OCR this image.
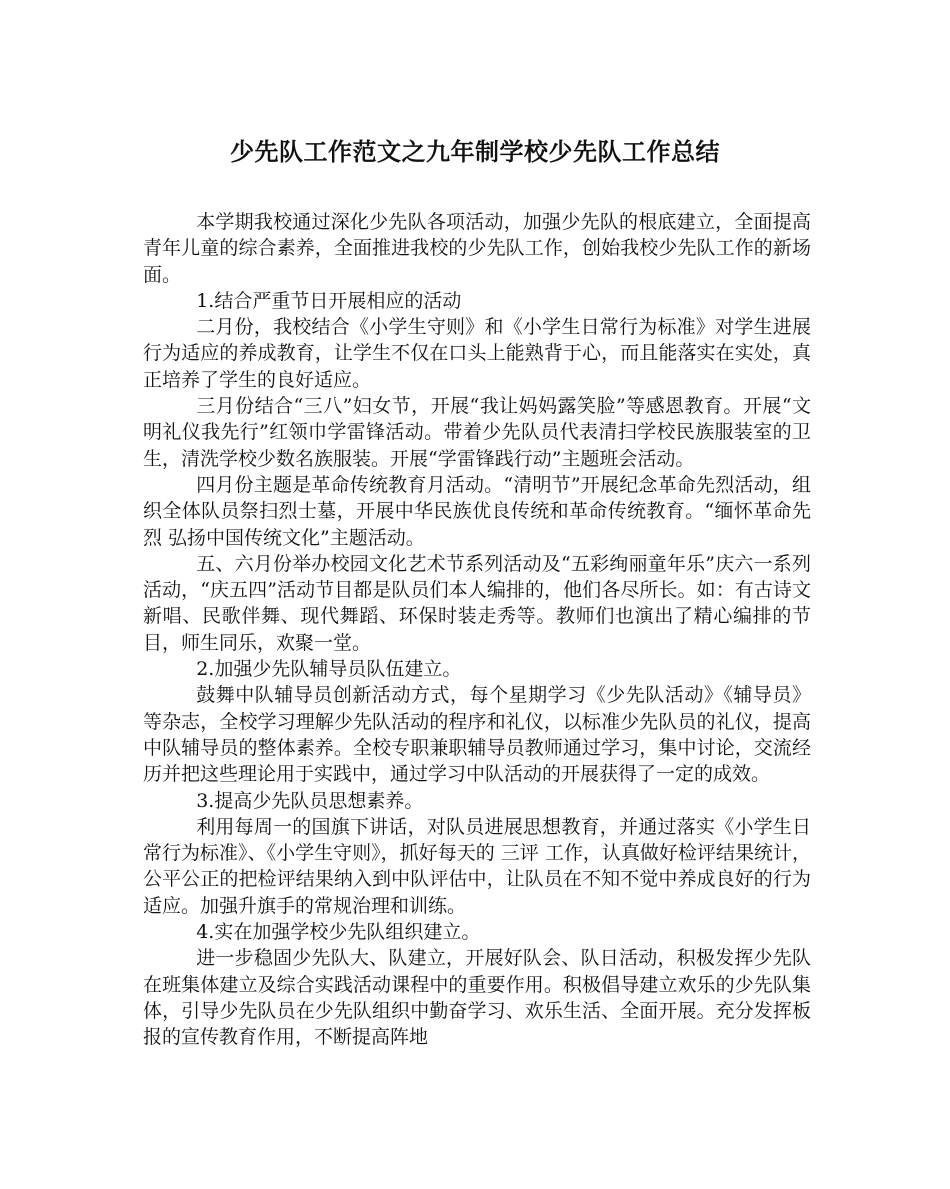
少先队工作范文之九年制学校少先队工作总结

本学期我校通过深化少先队各项活动，加强少先队的根底建立，全面提高青年儿童的综合素养，全面推进我校的少先队工作，创始我校少先队工作的新场面。

1.结合严重节日开展相应的活动

二月份，我校结合《小学生守则》和《小学生日常行为标准》对学生进展行为适应的养成教育，让学生不仅在口头上能熟背于心，而且能落实在实处，真正培养了学生的良好适应。

三月份结合“三八”妇女节，开展“我让妈妈露笑脸”等感恩教育。开展“文明礼仪我先行”红领巾学雷锋活动。带着少先队员代表清扫学校民族服装室的卫生，清洗学校少数名族服装。开展“学雷锋践行动”主题班会活动。

四月份主题是革命传统教育月活动。“清明节”开展纪念革命先烈活动，组织全体队员祭扫烈士墓，开展中华民族优良传统和革命传统教育。“缅怀革命先烈 弘扬中国传统文化”主题活动。

五、六月份举办校园文化艺术节系列活动及“五彩绚丽童年乐”庆六一系列活动，“庆五四”活动节目都是队员们本人编排的，他们各尽所长。如：有古诗文新唱、民歌伴舞、现代舞蹈、环保时装走秀等。教师们也演出了精心编排的节目，师生同乐，欢聚一堂。

2.加强少先队辅导员队伍建立。

鼓舞中队辅导员创新活动方式，每个星期学习《少先队活动》《辅导员》等杂志，全校学习理解少先队活动的程序和礼仪，以标准少先队员的礼仪，提高中队辅导员的整体素养。全校专职兼职辅导员教师通过学习，集中讨论，交流经历并把这些理论用于实践中，通过学习中队活动的开展获得了一定的成效。

3.提高少先队员思想素养。

利用每周一的国旗下讲话，对队员进展思想教育，并通过落实《小学生日常行为标准》、《小学生守则》，抓好每天的 三评 工作，认真做好检评结果统计，公平公正的把检评结果纳入到中队评估中，让队员在不知不觉中养成良好的行为适应。加强升旗手的常规治理和训练。

4.实在加强学校少先队组织建立。

进一步稳固少先队大、队建立，开展好队会、队日活动，积极发挥少先队在班集体建立及综合实践活动课程中的重要作用。积极倡导建立欢乐的少先队集体，引导少先队员在少先队组织中勤奋学习、欢乐生活、全面开展。充分发挥板报的宣传教育作用，不断提高阵地
